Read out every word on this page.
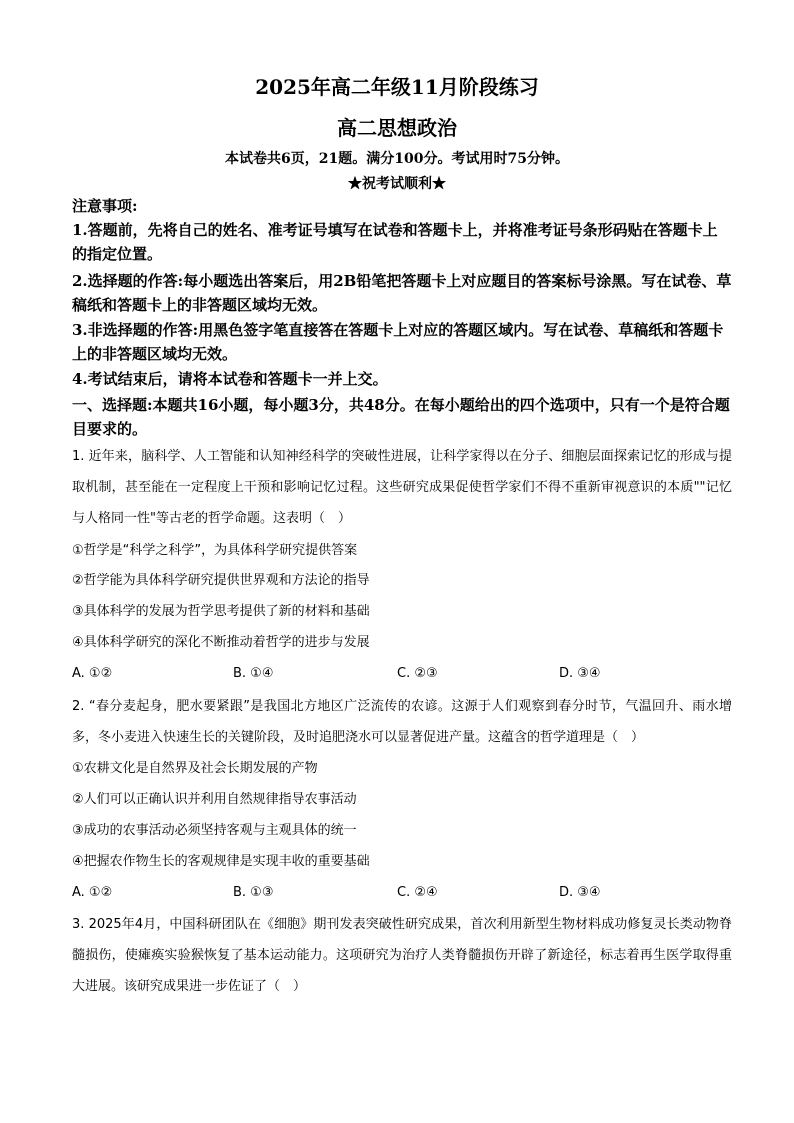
2025年高二年级11月阶段练习
高二思想政治
本试卷共6页，21题。满分100分。考试用时75分钟。
★祝考试顺利★
注意事项:
1.答题前，先将自己的姓名、准考证号填写在试卷和答题卡上，并将准考证号条形码贴在答题卡上的指定位置。
2.选择题的作答:每小题选出答案后，用2B铅笔把答题卡上对应题目的答案标号涂黑。写在试卷、草稿纸和答题卡上的非答题区域均无效。
3.非选择题的作答:用黑色签字笔直接答在答题卡上对应的答题区域内。写在试卷、草稿纸和答题卡上的非答题区域均无效。
4.考试结束后，请将本试卷和答题卡一并上交。
一、选择题:本题共16小题，每小题3分，共48分。在每小题给出的四个选项中，只有一个是符合题目要求的。
1. 近年来，脑科学、人工智能和认知神经科学的突破性进展，让科学家得以在分子、细胞层面探索记忆的形成与提取机制，甚至能在一定程度上干预和影响记忆过程。这些研究成果促使哲学家们不得不重新审视意识的本质""记忆与人格同一性"等古老的哲学命题。这表明（　）
①哲学是“科学之科学”，为具体科学研究提供答案
②哲学能为具体科学研究提供世界观和方法论的指导
③具体科学的发展为哲学思考提供了新的材料和基础
④具体科学研究的深化不断推动着哲学的进步与发展
A. ①②	B. ①④	C. ②③	D. ③④
2. “春分麦起身，肥水要紧跟”是我国北方地区广泛流传的农谚。这源于人们观察到春分时节，气温回升、雨水增多，冬小麦进入快速生长的关键阶段，及时追肥浇水可以显著促进产量。这蕴含的哲学道理是（　）
①农耕文化是自然界及社会长期发展的产物
②人们可以正确认识并利用自然规律指导农事活动
③成功的农事活动必须坚持客观与主观具体的统一
④把握农作物生长的客观规律是实现丰收的重要基础
A. ①②	B. ①③	C. ②④	D. ③④
3. 2025年4月，中国科研团队在《细胞》期刊发表突破性研究成果，首次利用新型生物材料成功修复灵长类动物脊髓损伤，使瘫痪实验猴恢复了基本运动能力。这项研究为治疗人类脊髓损伤开辟了新途径，标志着再生医学取得重大进展。该研究成果进一步佐证了（　）
